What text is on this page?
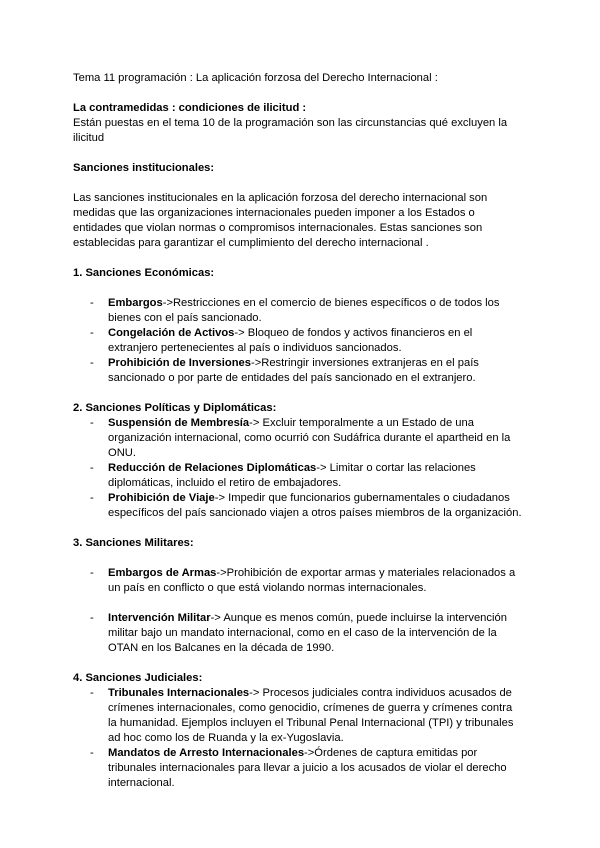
Tema 11 programación : La aplicación forzosa del Derecho Internacional :

La contramedidas : condiciones de ilicitud :

Están puestas en el tema 10 de la programación son las circunstancias qué excluyen la ilicitud

Sanciones institucionales:

Las sanciones institucionales en la aplicación forzosa del derecho internacional son medidas que las organizaciones internacionales pueden imponer a los Estados o entidades que violan normas o compromisos internacionales. Estas sanciones son establecidas para garantizar el cumplimiento del derecho internacional .

1. Sanciones Económicas:

- Embargos->Restricciones en el comercio de bienes específicos o de todos los bienes con el país sancionado.
- Congelación de Activos-> Bloqueo de fondos y activos financieros en el extranjero pertenecientes al país o individuos sancionados.
- Prohibición de Inversiones->Restringir inversiones extranjeras en el país sancionado o por parte de entidades del país sancionado en el extranjero.

2. Sanciones Políticas y Diplomáticas:

- Suspensión de Membresía-> Excluir temporalmente a un Estado de una organización internacional, como ocurrió con Sudáfrica durante el apartheid en la ONU.
- Reducción de Relaciones Diplomáticas-> Limitar o cortar las relaciones diplomáticas, incluido el retiro de embajadores.
- Prohibición de Viaje-> Impedir que funcionarios gubernamentales o ciudadanos específicos del país sancionado viajen a otros países miembros de la organización.

3. Sanciones Militares:

- Embargos de Armas->Prohibición de exportar armas y materiales relacionados a un país en conflicto o que está violando normas internacionales.
- Intervención Militar-> Aunque es menos común, puede incluirse la intervención militar bajo un mandato internacional, como en el caso de la intervención de la OTAN en los Balcanes en la década de 1990.

4. Sanciones Judiciales:

- Tribunales Internacionales-> Procesos judiciales contra individuos acusados de crímenes internacionales, como genocidio, crímenes de guerra y crímenes contra la humanidad. Ejemplos incluyen el Tribunal Penal Internacional (TPI) y tribunales ad hoc como los de Ruanda y la ex-Yugoslavia.
- Mandatos de Arresto Internacionales->Órdenes de captura emitidas por tribunales internacionales para llevar a juicio a los acusados de violar el derecho internacional.
